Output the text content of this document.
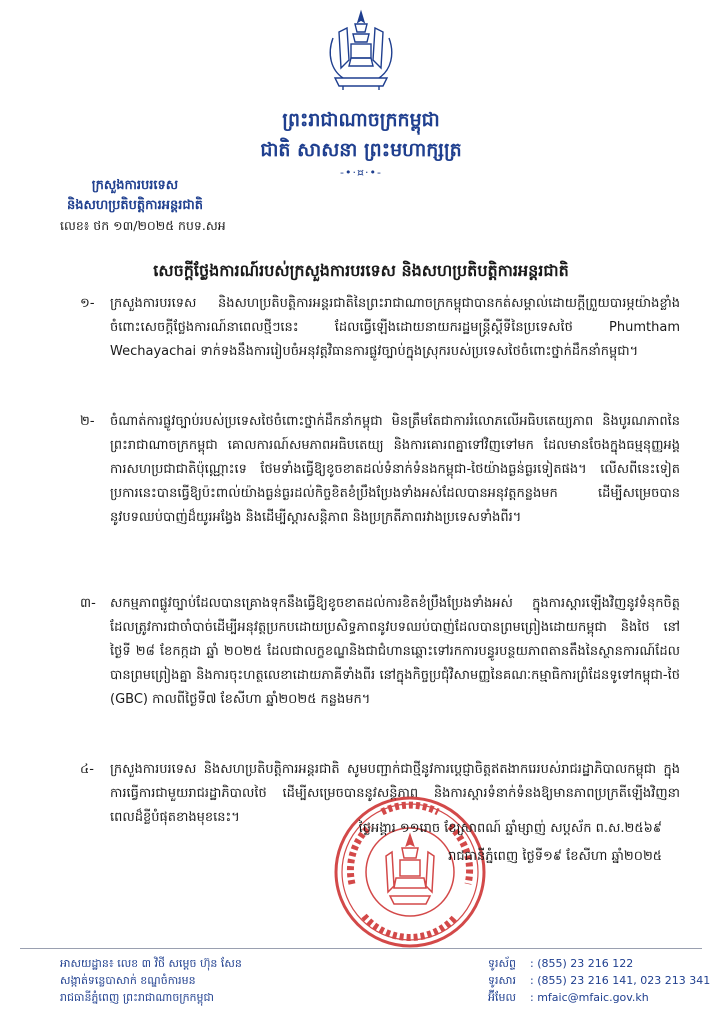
ព្រះរាជាណាចក្រកម្ពុជា
ជាតិ សាសនា ព្រះមហាក្សត្រ
-•·¤·•-
ក្រសួងការបរទេស
និងសហប្រតិបត្តិការអន្តរជាតិ
លេខ៖ ថក ១៣/២០២៥ កបទ.សអ
សេចក្តីថ្លែងការណ៍របស់ក្រសួងការបរទេស និងសហប្រតិបត្តិការអន្តរជាតិ
១- ក្រសួងការបរទេស និងសហប្រតិបត្តិការអន្តរជាតិនៃព្រះរាជាណាចក្រកម្ពុជាបានកត់សម្គាល់ដោយក្តីព្រួយបារម្ភយ៉ាងខ្លាំងចំពោះសេចក្តីថ្លែងការណ៍នាពេលថ្មីៗនេះ ដែលធ្វើឡើងដោយនាយករដ្ឋមន្ត្រីស្តីទីនៃប្រទេសថៃ Phumtham Wechayachai ទាក់ទងនឹងការរៀបចំអនុវត្តវិធានការផ្លូវច្បាប់ក្នុងស្រុករបស់ប្រទេសថៃចំពោះថ្នាក់ដឹកនាំកម្ពុជា។
២- ចំណាត់ការផ្លូវច្បាប់របស់ប្រទេសថៃចំពោះថ្នាក់ដឹកនាំកម្ពុជា មិនត្រឹមតែជាការរំលោភលើអធិបតេយ្យភាព និងបូរណភាពនៃព្រះរាជាណាចក្រកម្ពុជា គោលការណ៍សមភាពអធិបតេយ្យ និងការគោរពគ្នាទៅវិញទៅមក ដែលមានចែងក្នុងធម្មនុញ្ញអង្គការសហប្រជាជាតិប៉ុណ្ណោះទេ ថែមទាំងធ្វើឱ្យខូចខាតដល់ទំនាក់ទំនងកម្ពុជា-ថៃយ៉ាងធ្ងន់ធ្ងរទៀតផង។ លើសពីនេះទៀត ប្រការនេះបានធ្វើឱ្យប៉ះពាល់យ៉ាងធ្ងន់ធ្ងរដល់កិច្ចខិតខំប្រឹងប្រែងទាំងអស់ដែលបានអនុវត្តកន្លងមក ដើម្បីសម្រេចបាននូវបទឈប់បាញ់ដ៏យូរអង្វែង និងដើម្បីស្តារសន្តិភាព និងប្រក្រតីភាពរវាងប្រទេសទាំងពីរ។
៣- សកម្មភាពផ្លូវច្បាប់ដែលបានគ្រោងទុកនឹងធ្វើឱ្យខូចខាតដល់ការខិតខំប្រឹងប្រែងទាំងអស់ ក្នុងការស្តារឡើងវិញនូវទំនុកចិត្ត ដែលត្រូវការជាចាំបាច់ដើម្បីអនុវត្តប្រកបដោយប្រសិទ្ធភាពនូវបទឈប់បាញ់ដែលបានព្រមព្រៀងដោយកម្ពុជា និងថៃ នៅថ្ងៃទី ២៨ ខែកក្កដា ឆ្នាំ ២០២៥ ដែលជាលក្ខខណ្ឌនិងជាជំហានឆ្ពោះទៅរកការបន្ធូរបន្ថយភាពតានតឹងនៃស្ថានការណ៍ដែលបានព្រមព្រៀងគ្នា និងការចុះហត្ថលេខាដោយភាគីទាំងពីរ នៅក្នុងកិច្ចប្រជុំវិសាមញ្ញនៃគណៈកម្មាធិការព្រំដែនទូទៅកម្ពុជា-ថៃ (GBC) កាលពីថ្ងៃទី៧ ខែសីហា ឆ្នាំ២០២៥ កន្លងមក។
៤- ក្រសួងការបរទេស និងសហប្រតិបត្តិការអន្តរជាតិ សូមបញ្ជាក់ជាថ្មីនូវការប្តេជ្ញាចិត្តឥតងាករេរបស់រាជរដ្ឋាភិបាលកម្ពុជា ក្នុងការធ្វើការជាមួយរាជរដ្ឋាភិបាលថៃ ដើម្បីសម្រេចបាននូវសន្តិភាព និងការស្តារទំនាក់ទំនងឱ្យមានភាពប្រក្រតីឡើងវិញនាពេលដ៏ខ្លីបំផុតខាងមុខនេះ។
ថ្ងៃអង្គារ ១១រោច ខែស្រាពណ៍ ឆ្នាំម្សាញ់ សប្តស័ក ព.ស.២៥៦៩
រាជធានីភ្នំពេញ ថ្ងៃទី១៩ ខែសីហា ឆ្នាំ២០២៥
អាសយដ្ឋាន៖ លេខ ៣ វិថី សម្តេច ហ៊ុន សែន
សង្កាត់ទន្លេបាសាក់ ខណ្ឌចំការមន
រាជធានីភ្នំពេញ ព្រះរាជាណាចក្រកម្ពុជា
ទូរស័ព្ទ : (855) 23 216 122
ទូរសារ : (855) 23 216 141, 023 213 341
អ៊ីមែល : mfaic@mfaic.gov.kh
